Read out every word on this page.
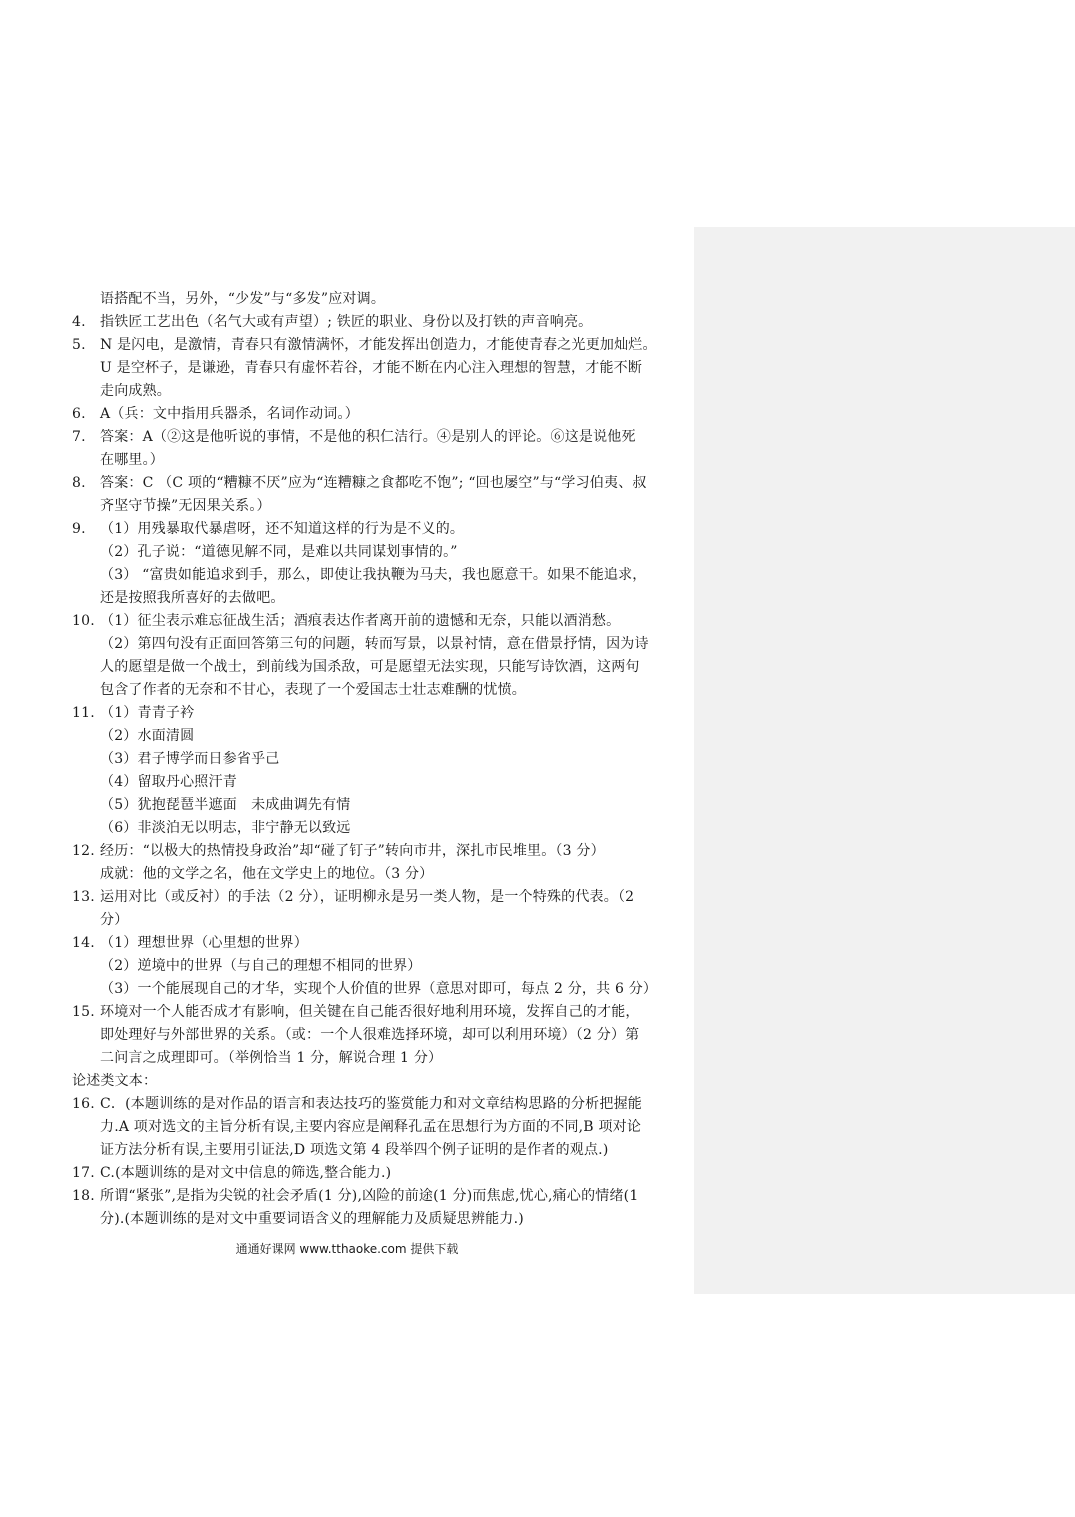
语搭配不当，另外，“少发”与“多发”应对调。
4. 指铁匠工艺出色（名气大或有声望）; 铁匠的职业、身份以及打铁的声音响亮。
5. N 是闪电，是激情，青春只有激情满怀，才能发挥出创造力，才能使青春之光更加灿烂。
U 是空杯子，是谦逊，青春只有虚怀若谷，才能不断在内心注入理想的智慧，才能不断
走向成熟。
6. A（兵：文中指用兵器杀，名词作动词。）
7. 答案：A（②这是他听说的事情，不是他的积仁洁行。④是别人的评论。⑥这是说他死
在哪里。）
8. 答案：C （C 项的“糟糠不厌”应为“连糟糠之食都吃不饱”; “回也屡空”与“学习伯夷、叔
齐坚守节操”无因果关系。）
9. （1）用残暴取代暴虐呀，还不知道这样的行为是不义的。
（2）孔子说：“道德见解不同，是难以共同谋划事情的。”
（3） “富贵如能追求到手，那么，即使让我执鞭为马夫，我也愿意干。如果不能追求，
还是按照我所喜好的去做吧。
10. （1）征尘表示难忘征战生活；酒痕表达作者离开前的遗憾和无奈，只能以酒消愁。
（2）第四句没有正面回答第三句的问题，转而写景，以景衬情，意在借景抒情，因为诗
人的愿望是做一个战士，到前线为国杀敌，可是愿望无法实现，只能写诗饮酒，这两句
包含了作者的无奈和不甘心，表现了一个爱国志士壮志难酬的忧愤。
11. （1）青青子衿
（2）水面清圆
（3）君子博学而日参省乎己
（4）留取丹心照汗青
（5）犹抱琵琶半遮面　未成曲调先有情
（6）非淡泊无以明志，非宁静无以致远
12. 经历：“以极大的热情投身政治”却“碰了钉子”转向市井，深扎市民堆里。（3 分）
成就：他的文学之名，他在文学史上的地位。（3 分）
13. 运用对比（或反衬）的手法（2 分），证明柳永是另一类人物，是一个特殊的代表。（2
分）
14. （1）理想世界（心里想的世界）
（2）逆境中的世界（与自己的理想不相同的世界）
（3）一个能展现自己的才华，实现个人价值的世界（意思对即可，每点 2 分，共 6 分）
15. 环境对一个人能否成才有影响，但关键在自己能否很好地利用环境，发挥自己的才能，
即处理好与外部世界的关系。（或：一个人很难选择环境，却可以利用环境）（2 分）第
二问言之成理即可。（举例恰当 1 分，解说合理 1 分）
论述类文本：
16. C．(本题训练的是对作品的语言和表达技巧的鉴赏能力和对文章结构思路的分析把握能
力.A 项对选文的主旨分析有误,主要内容应是阐释孔孟在思想行为方面的不同,B 项对论
证方法分析有误,主要用引证法,D 项选文第 4 段举四个例子证明的是作者的观点.)
17. C.(本题训练的是对文中信息的筛选,整合能力.)
18. 所谓“紧张”,是指为尖锐的社会矛盾(1 分),凶险的前途(1 分)而焦虑,忧心,痛心的情绪(1
分).(本题训练的是对文中重要词语含义的理解能力及质疑思辨能力.)
通通好课网 www.tthaoke.com 提供下载
